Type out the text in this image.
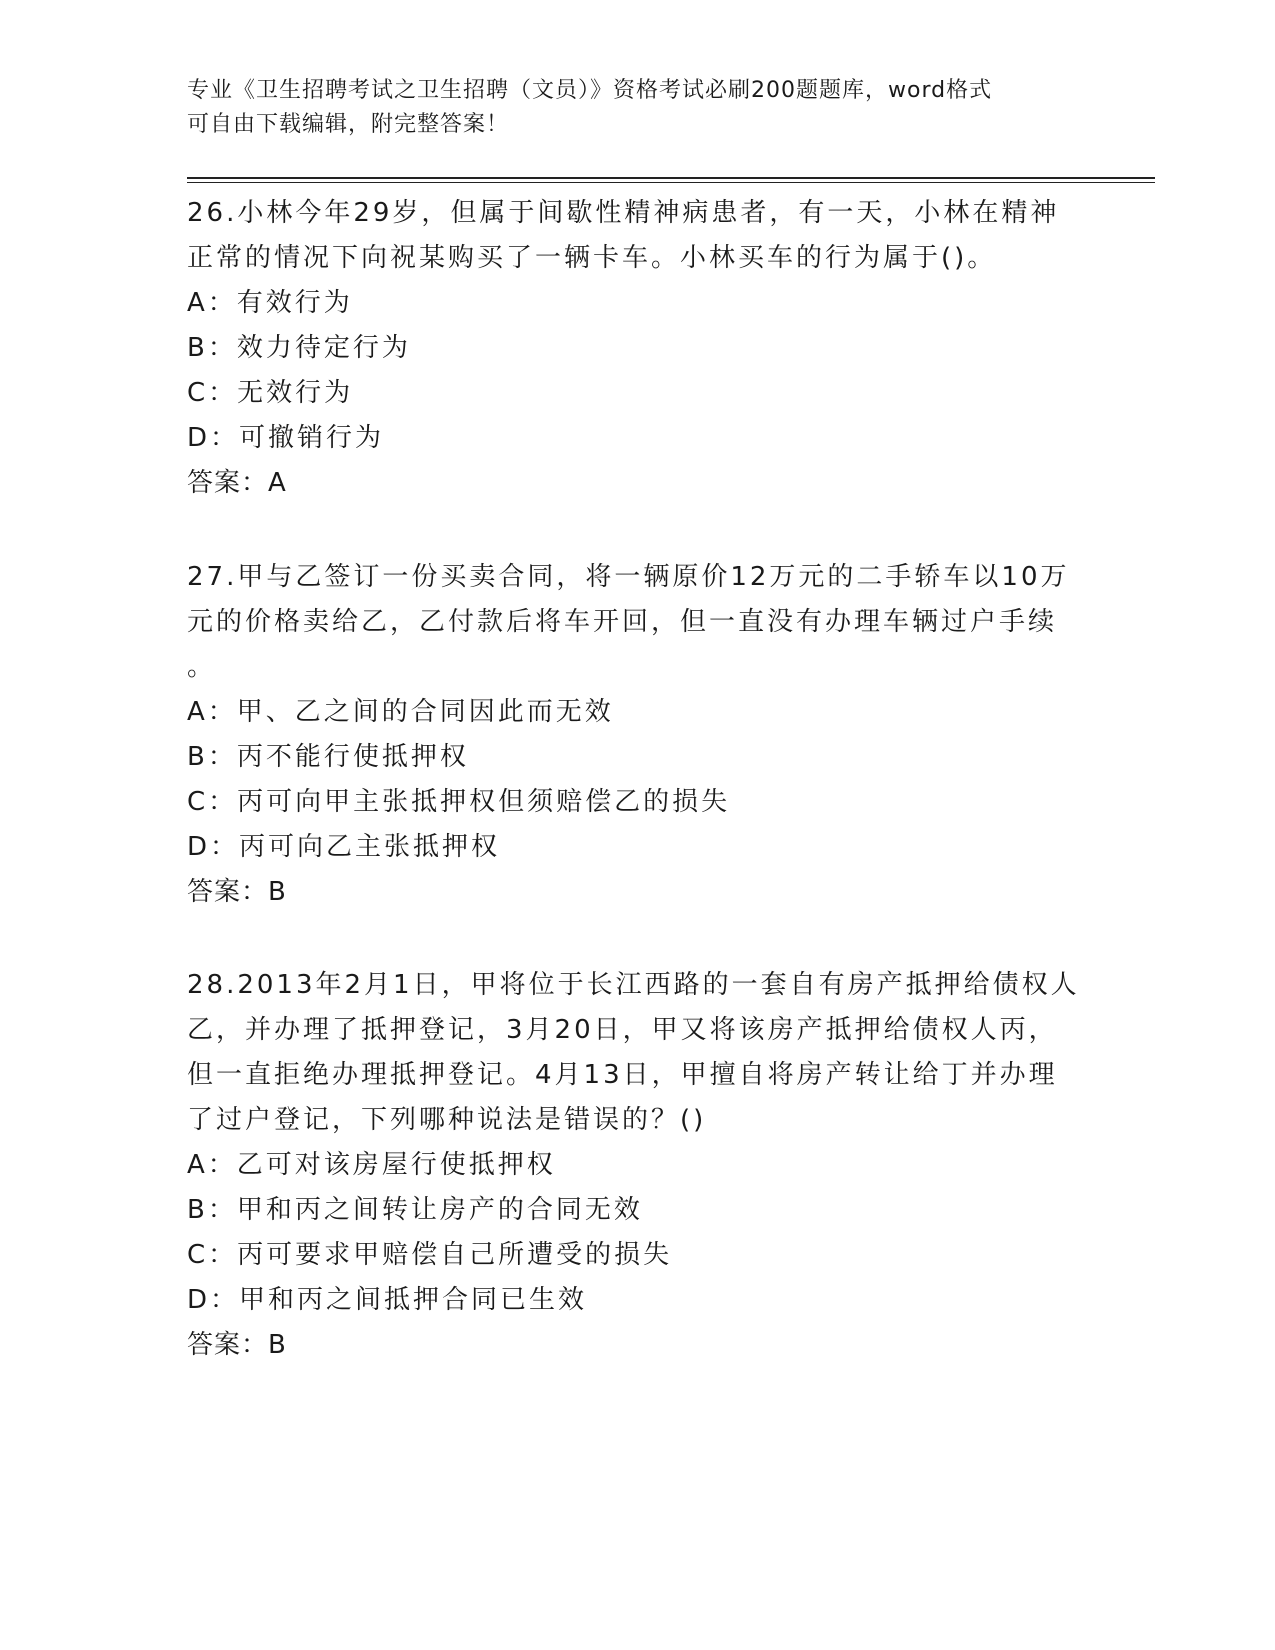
专业《卫生招聘考试之卫生招聘（文员）》资格考试必刷200题题库，word格式
可自由下载编辑，附完整答案！
26.小林今年29岁，但属于间歇性精神病患者，有一天，小林在精神
正常的情况下向祝某购买了一辆卡车。小林买车的行为属于()。
A：有效行为
B：效力待定行为
C：无效行为
D：可撤销行为
答案：A
27.甲与乙签订一份买卖合同，将一辆原价12万元的二手轿车以10万
元的价格卖给乙，乙付款后将车开回，但一直没有办理车辆过户手续
。
A：甲、乙之间的合同因此而无效
B：丙不能行使抵押权
C：丙可向甲主张抵押权但须赔偿乙的损失
D：丙可向乙主张抵押权
答案：B
28.2013年2月1日，甲将位于长江西路的一套自有房产抵押给债权人
乙，并办理了抵押登记，3月20日，甲又将该房产抵押给债权人丙，
但一直拒绝办理抵押登记。4月13日，甲擅自将房产转让给丁并办理
了过户登记，下列哪种说法是错误的？()
A：乙可对该房屋行使抵押权
B：甲和丙之间转让房产的合同无效
C：丙可要求甲赔偿自己所遭受的损失
D：甲和丙之间抵押合同已生效
答案：B
